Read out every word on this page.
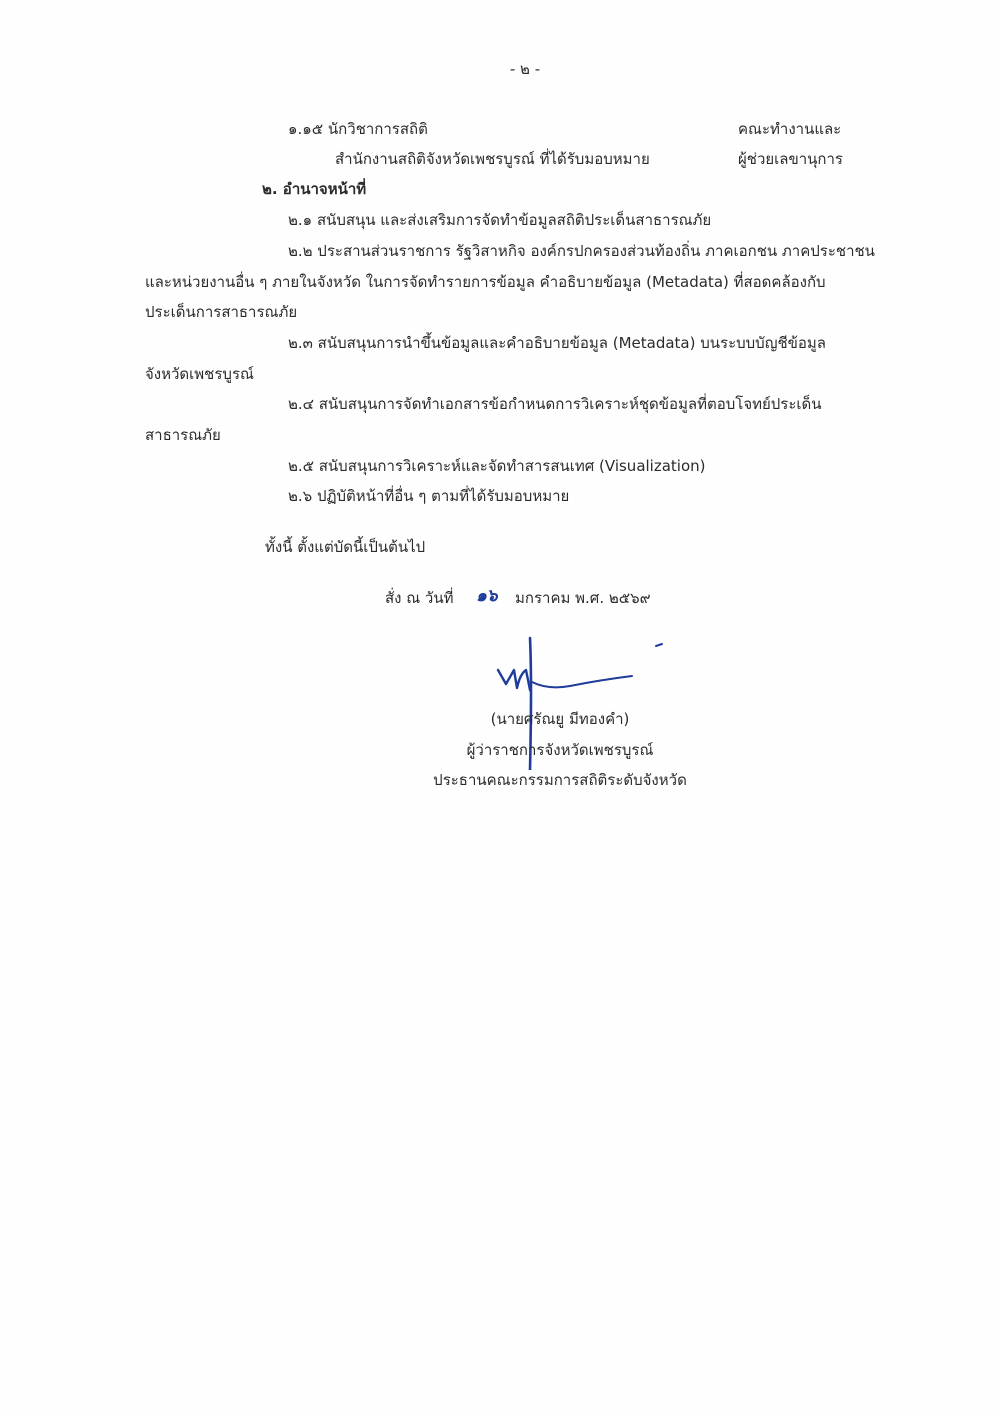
- ๒ -
๑.๑๕ นักวิชาการสถิติ	คณะทำงานและ
สำนักงานสถิติจังหวัดเพชรบูรณ์ ที่ได้รับมอบหมาย	ผู้ช่วยเลขานุการ
๒. อำนาจหน้าที่
๒.๑ สนับสนุน และส่งเสริมการจัดทำข้อมูลสถิติประเด็นสาธารณภัย
๒.๒ ประสานส่วนราชการ รัฐวิสาหกิจ องค์กรปกครองส่วนท้องถิ่น ภาคเอกชน ภาคประชาชน
และหน่วยงานอื่น ๆ ภายในจังหวัด ในการจัดทำรายการข้อมูล คำอธิบายข้อมูล (Metadata) ที่สอดคล้องกับ
ประเด็นการสาธารณภัย
๒.๓ สนับสนุนการนำขึ้นข้อมูลและคำอธิบายข้อมูล (Metadata) บนระบบบัญชีข้อมูล
จังหวัดเพชรบูรณ์
๒.๔ สนับสนุนการจัดทำเอกสารข้อกำหนดการวิเคราะห์ชุดข้อมูลที่ตอบโจทย์ประเด็น
สาธารณภัย
๒.๕ สนับสนุนการวิเคราะห์และจัดทำสารสนเทศ (Visualization)
๒.๖ ปฏิบัติหน้าที่อื่น ๆ ตามที่ได้รับมอบหมาย
ทั้งนี้ ตั้งแต่บัดนี้เป็นต้นไป
สั่ง ณ วันที่ ๑๖ มกราคม พ.ศ. ๒๕๖๙
(นายศรัณยู มีทองคำ)
ผู้ว่าราชการจังหวัดเพชรบูรณ์
ประธานคณะกรรมการสถิติระดับจังหวัด
